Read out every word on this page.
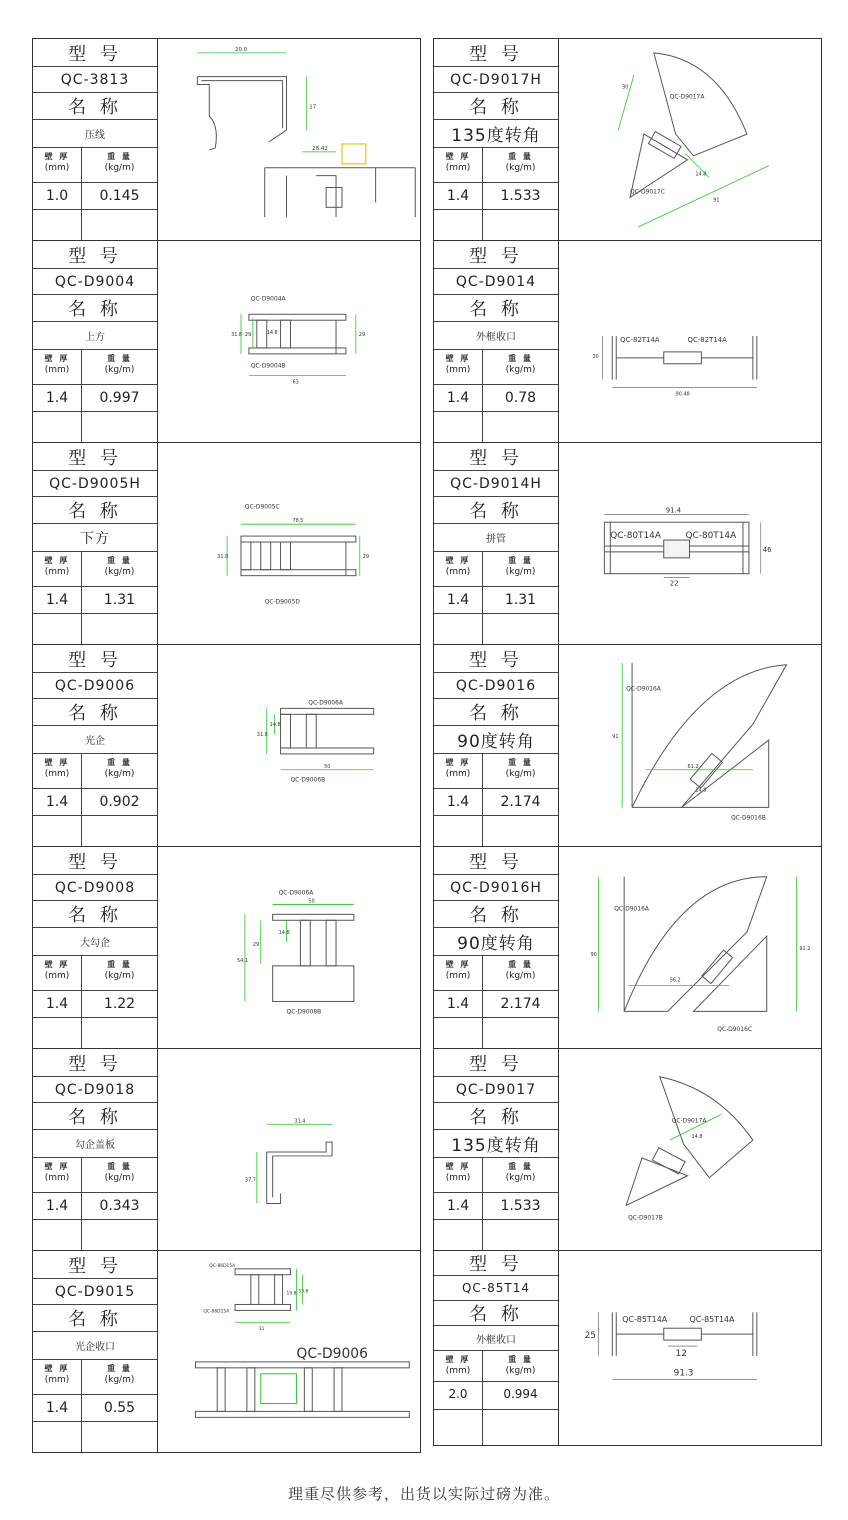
型 号
QC-3813
名 称
压线
壁 厚
(mm)
重 量
(kg/m)
1.0	0.145
20.0
17
28.42
型 号
QC-D9004
名 称
上方
壁 厚
(mm)
重 量
(kg/m)
1.4	0.997
QC-D9004A
QC-D9004B
31.8 29	14.8	29
63
型 号
QC-D9005H
名 称
下方
壁 厚
(mm)
重 量
(kg/m)
1.4	1.31
QC-D9005C
QC-D9005D
78.5
31.8	29
型 号
QC-D9006
名 称
光企
壁 厚
(mm)
重 量
(kg/m)
1.4	0.902
QC-D9006A
QC-D9006B
31.8
14.8
50
型 号
QC-D9008
名 称
大勾企
壁 厚
(mm)
重 量
(kg/m)
1.4	1.22
QC-D9006A
QC-D9008B
50
54.1
29
14.8
型 号
QC-D9018
名 称
勾企盖板
壁 厚
(mm)
重 量
(kg/m)
1.4	0.343
31.4
37.7
型 号
QC-D9015
名 称
光企收口
壁 厚
(mm)
重 量
(kg/m)
1.4	0.55
QC-86D15A
QC-86D15A
31
53.8
19.8
QC-D9006
型 号
QC-D9017H
名 称
135度转角
壁 厚
(mm)
重 量
(kg/m)
1.4	1.533
QC-D9017A
QC-D9017C
30
14.8
91
型 号
QC-D9014
名 称
外框收口
壁 厚
(mm)
重 量
(kg/m)
1.4	0.78
QC-82T14A	QC-82T14A
30
90.48
型 号
QC-D9014H
名 称
拼管
壁 厚
(mm)
重 量
(kg/m)
1.4	1.31
91.4
QC-80T14A	QC-80T14A
22
46
型 号
QC-D9016
名 称
90度转角
壁 厚
(mm)
重 量
(kg/m)
1.4	2.174
QC-D9016A
QC-D9016B
61.2
14.8
91
型 号
QC-D9016H
名 称
90度转角
壁 厚
(mm)
重 量
(kg/m)
1.4	2.174
QC-D9016A
QC-D9016C
56.2
91.2
90
型 号
QC-D9017
名 称
135度转角
壁 厚
(mm)
重 量
(kg/m)
1.4	1.533
QC-D9017A
QC-D9017B
14.8
型 号
QC-85T14
名 称
外框收口
壁 厚
(mm)
重 量
(kg/m)
2.0	0.994
QC-85T14A	QC-85T14A
25
12
91.3
理重尽供参考，出货以实际过磅为准。
